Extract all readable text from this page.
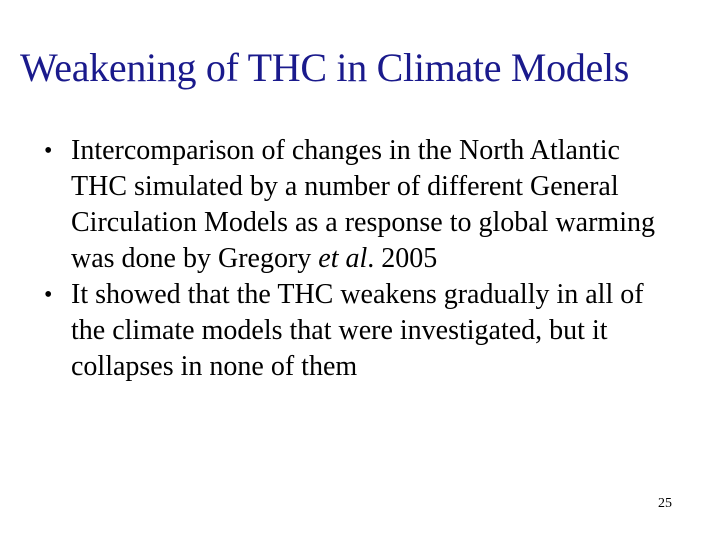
Weakening of THC in Climate Models
• Intercomparison of changes in the North Atlantic THC simulated by a number of different General Circulation Models as a response to global warming was done by Gregory et al. 2005
• It showed that the THC weakens gradually in all of the climate models that were investigated, but it collapses in none of them
25
